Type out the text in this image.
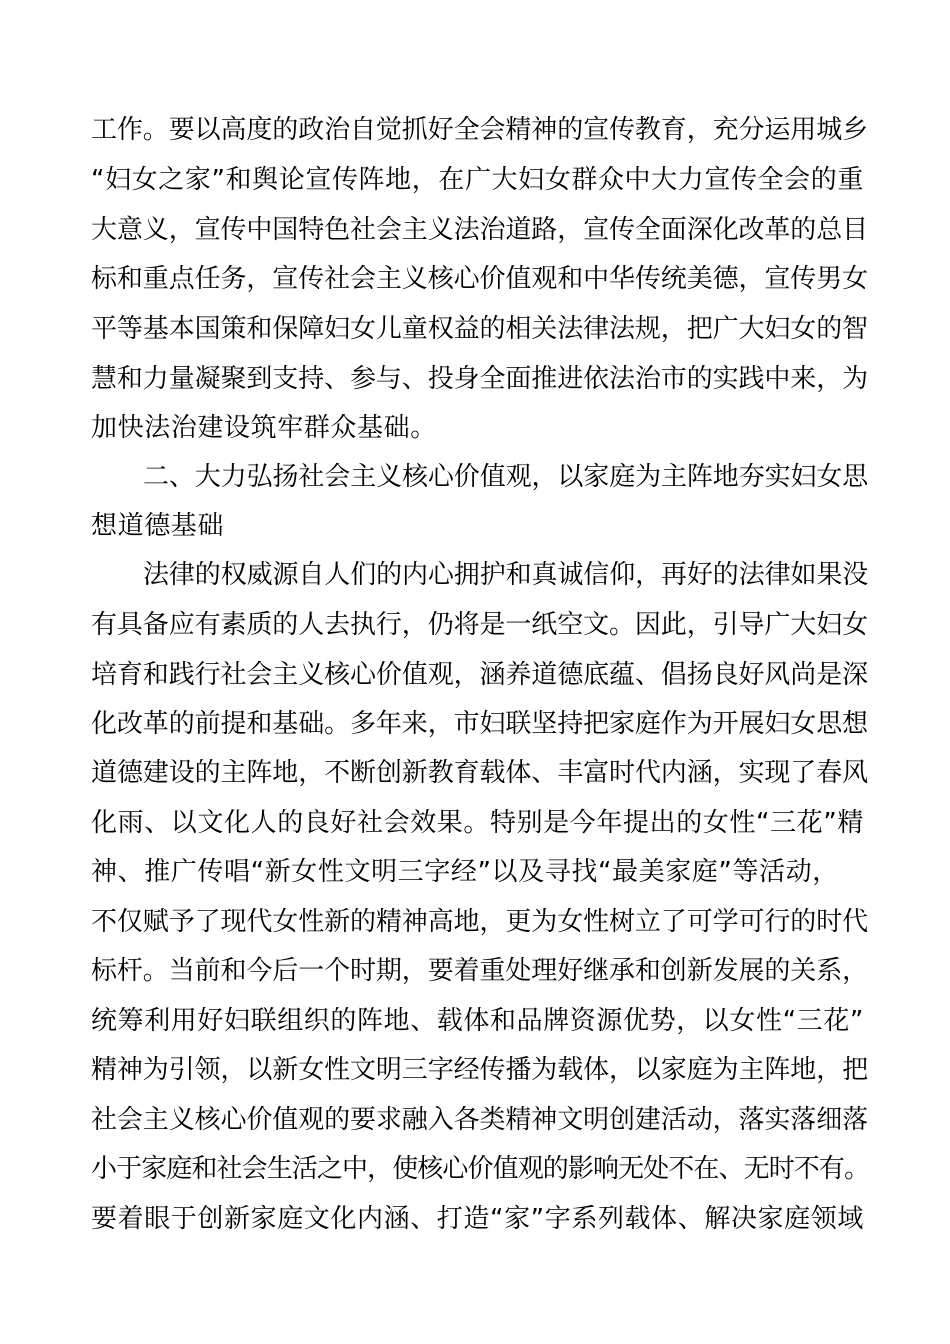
工作。要以高度的政治自觉抓好全会精神的宣传教育，充分运用城乡
“妇女之家”和舆论宣传阵地，在广大妇女群众中大力宣传全会的重
大意义，宣传中国特色社会主义法治道路，宣传全面深化改革的总目
标和重点任务，宣传社会主义核心价值观和中华传统美德，宣传男女
平等基本国策和保障妇女儿童权益的相关法律法规，把广大妇女的智
慧和力量凝聚到支持、参与、投身全面推进依法治市的实践中来，为
加快法治建设筑牢群众基础。
二、大力弘扬社会主义核心价值观，以家庭为主阵地夯实妇女思
想道德基础
法律的权威源自人们的内心拥护和真诚信仰，再好的法律如果没
有具备应有素质的人去执行，仍将是一纸空文。因此，引导广大妇女
培育和践行社会主义核心价值观，涵养道德底蕴、倡扬良好风尚是深
化改革的前提和基础。多年来，市妇联坚持把家庭作为开展妇女思想
道德建设的主阵地，不断创新教育载体、丰富时代内涵，实现了春风
化雨、以文化人的良好社会效果。特别是今年提出的女性“三花”精
神、推广传唱“新女性文明三字经”以及寻找“最美家庭”等活动，
不仅赋予了现代女性新的精神高地，更为女性树立了可学可行的时代
标杆。当前和今后一个时期，要着重处理好继承和创新发展的关系，
统筹利用好妇联组织的阵地、载体和品牌资源优势，以女性“三花”
精神为引领，以新女性文明三字经传播为载体，以家庭为主阵地，把
社会主义核心价值观的要求融入各类精神文明创建活动，落实落细落
小于家庭和社会生活之中，使核心价值观的影响无处不在、无时不有。
要着眼于创新家庭文化内涵、打造“家”字系列载体、解决家庭领域
